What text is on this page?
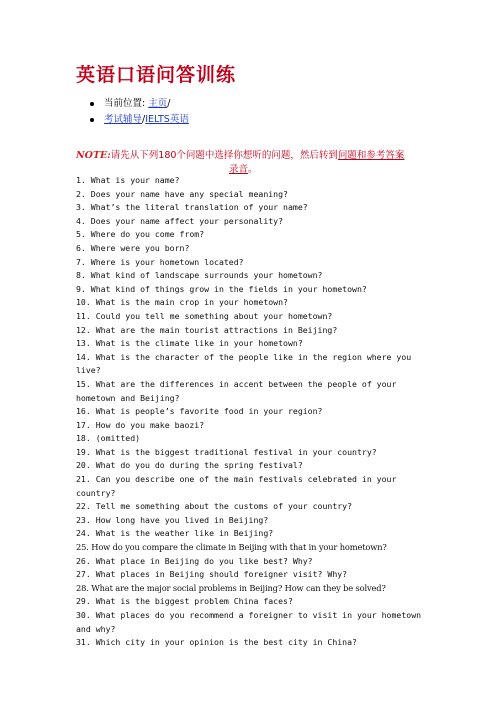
英语口语问答训练
当前位置: 主页/
考试辅导/IELTS英语
NOTE:请先从下列180个问题中选择你想听的问题，然后转到问题和参考答案
录音。
1. What is your name?
2. Does your name have any special meaning?
3. What’s the literal translation of your name?
4. Does your name affect your personality?
5. Where do you come from?
6. Where were you born?
7. Where is your hometown located?
8. What kind of landscape surrounds your hometown?
9. What kind of things grow in the fields in your hometown?
10. What is the main crop in your hometown?
11. Could you tell me something about your hometown?
12. What are the main tourist attractions in Beijing?
13. What is the climate like in your hometown?
14. What is the character of the people like in the region where you live?
15. What are the differences in accent between the people of your hometown and Beijing?
16. What is people’s favorite food in your region?
17. How do you make baozi?
18. (omitted)
19. What is the biggest traditional festival in your country?
20. What do you do during the spring festival?
21. Can you describe one of the main festivals celebrated in your country?
22. Tell me something about the customs of your country?
23. How long have you lived in Beijing?
24. What is the weather like in Beijing?
25. How do you compare the climate in Beijing with that in your hometown?
26. What place in Beijing do you like best? Why?
27. What places in Beijing should foreigner visit? Why?
28. What are the major social problems in Beijing? How can they be solved?
29. What is the biggest problem China faces?
30. What places do you recommend a foreigner to visit in your hometown and why?
31. Which city in your opinion is the best city in China?
